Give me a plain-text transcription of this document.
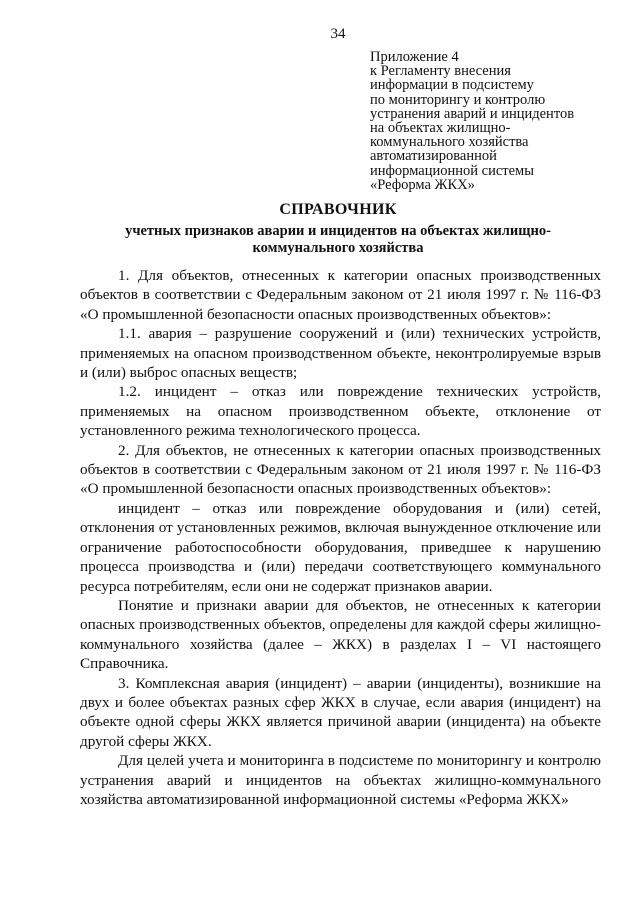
34
Приложение 4
к Регламенту внесения
информации в подсистему
по мониторингу и контролю
устранения аварий и инцидентов
на объектах жилищно-
коммунального хозяйства
автоматизированной
информационной системы
«Реформа ЖКХ»
СПРАВОЧНИК
учетных признаков аварии и инцидентов на объектах жилищно-
коммунального хозяйства

1. Для объектов, отнесенных к категории опасных производственных объектов в соответствии с Федеральным законом от 21 июля 1997 г. № 116-ФЗ «О промышленной безопасности опасных производственных объектов»:

1.1. авария – разрушение сооружений и (или) технических устройств, применяемых на опасном производственном объекте, неконтролируемые взрыв и (или) выброс опасных веществ;

1.2. инцидент – отказ или повреждение технических устройств, применяемых на опасном производственном объекте, отклонение от установленного режима технологического процесса.

2. Для объектов, не отнесенных к категории опасных производственных объектов в соответствии с Федеральным законом от 21 июля 1997 г. № 116-ФЗ «О промышленной безопасности опасных производственных объектов»:

инцидент – отказ или повреждение оборудования и (или) сетей, отклонения от установленных режимов, включая вынужденное отключение или ограничение работоспособности оборудования, приведшее к нарушению процесса производства и (или) передачи соответствующего коммунального ресурса потребителям, если они не содержат признаков аварии.

Понятие и признаки аварии для объектов, не отнесенных к категории опасных производственных объектов, определены для каждой сферы жилищно-коммунального хозяйства (далее – ЖКХ) в разделах I – VI настоящего Справочника.

3. Комплексная авария (инцидент) – аварии (инциденты), возникшие на двух и более объектах разных сфер ЖКХ в случае, если авария (инцидент) на объекте одной сферы ЖКХ является причиной аварии (инцидента) на объекте другой сферы ЖКХ.

Для целей учета и мониторинга в подсистеме по мониторингу и контролю устранения аварий и инцидентов на объектах жилищно-коммунального хозяйства автоматизированной информационной системы «Реформа ЖКХ»
